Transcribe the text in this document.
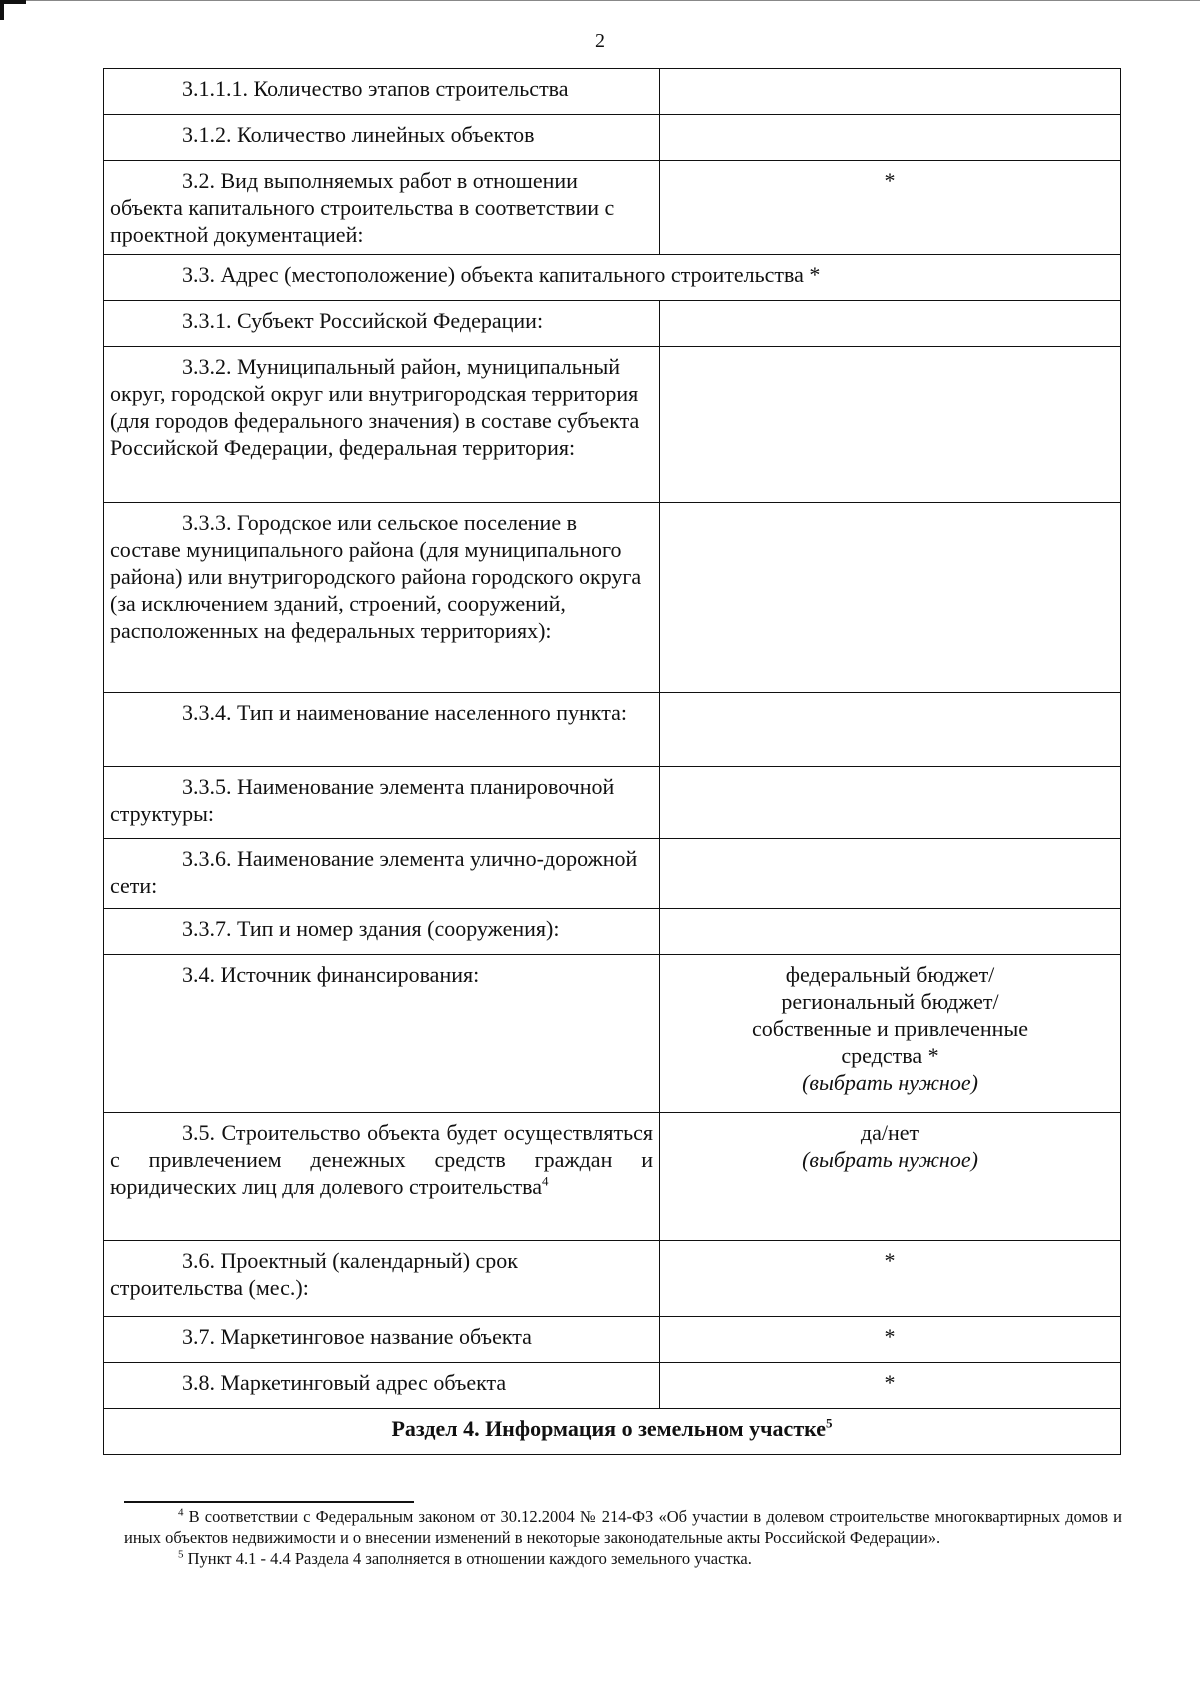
2
3.1.1.1. Количество этапов строительства	
3.1.2. Количество линейных объектов	
3.2. Вид выполняемых работ в отношении объекта капитального строительства в соответствии с проектной документацией:	*
3.3. Адрес (местоположение) объекта капитального строительства *	
3.3.1. Субъект Российской Федерации:	
3.3.2. Муниципальный район, муниципальный округ, городской округ или внутригородская территория (для городов федерального значения) в составе субъекта Российской Федерации, федеральная территория:	
3.3.3. Городское или сельское поселение в составе муниципального района (для муниципального района) или внутригородского района городского округа (за исключением зданий, строений, сооружений, расположенных на федеральных территориях):	
3.3.4. Тип и наименование населенного пункта:	
3.3.5. Наименование элемента планировочной структуры:	
3.3.6. Наименование элемента улично-дорожной сети:	
3.3.7. Тип и номер здания (сооружения):	
3.4. Источник финансирования:	федеральный бюджет/региональный бюджет/собственные и привлеченные средства *
(выбрать нужное)

3.5. Строительство объекта будет осуществляться с привлечением денежных средств граждан и юридических лиц для долевого строительства$^4$	да/нет
(выбрать нужное)

3.6. Проектный (календарный) срок строительства (мес.):	*
3.7. Маркетинговое название объекта	*
3.8. Маркетинговый адрес объекта	*
Раздел 4. Информация о земельном участке$^5$

$^4$ В соответствии с Федеральным законом от 30.12.2004 № 214-ФЗ «Об участии в долевом строительстве многоквартирных домов и иных объектов недвижимости и о внесении изменений в некоторые законодательные акты Российской Федерации».

$^5$ Пункт 4.1 - 4.4 Раздела 4 заполняется в отношении каждого земельного участка.
